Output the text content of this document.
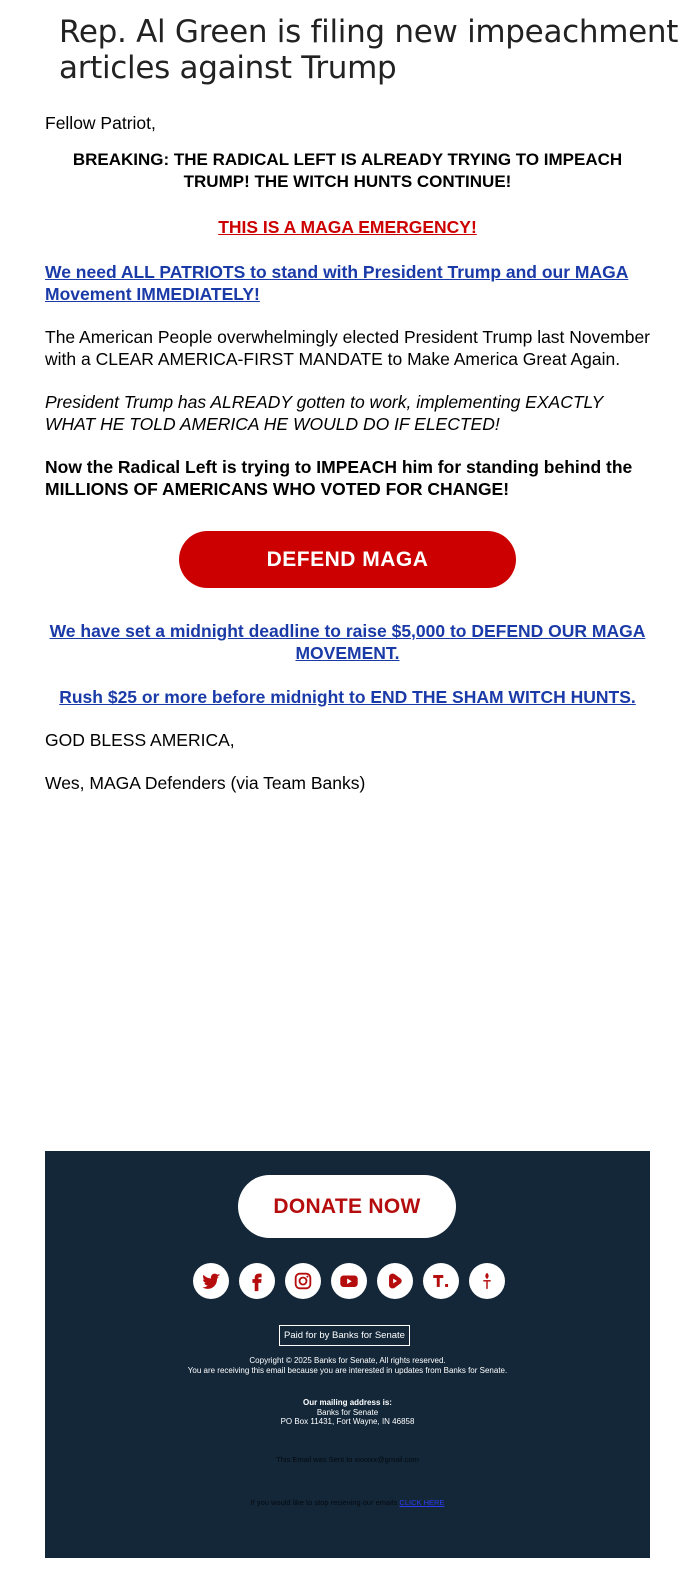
Rep. Al Green is filing new impeachment articles against Trump

Fellow Patriot,

BREAKING: THE RADICAL LEFT IS ALREADY TRYING TO IMPEACH TRUMP! THE WITCH HUNTS CONTINUE!

THIS IS A MAGA EMERGENCY!

We need ALL PATRIOTS to stand with President Trump and our MAGA Movement IMMEDIATELY!

The American People overwhelmingly elected President Trump last November with a CLEAR AMERICA-FIRST MANDATE to Make America Great Again.

President Trump has ALREADY gotten to work, implementing EXACTLY WHAT HE TOLD AMERICA HE WOULD DO IF ELECTED!

Now the Radical Left is trying to IMPEACH him for standing behind the MILLIONS OF AMERICANS WHO VOTED FOR CHANGE!

DEFEND MAGA

We have set a midnight deadline to raise $5,000 to DEFEND OUR MAGA MOVEMENT.

Rush $25 or more before midnight to END THE SHAM WITCH HUNTS.

GOD BLESS AMERICA,

Wes, MAGA Defenders (via Team Banks)

DONATE NOW
Paid for by Banks for Senate
Copyright © 2025 Banks for Senate, All rights reserved.
You are receiving this email because you are interested in updates from Banks for Senate.
Our mailing address is:
Banks for Senate
PO Box 11431, Fort Wayne, IN 46858
This Email was Sent to xxxxxx@gmail.com
If you would like to stop recieving our emails CLICK HERE
